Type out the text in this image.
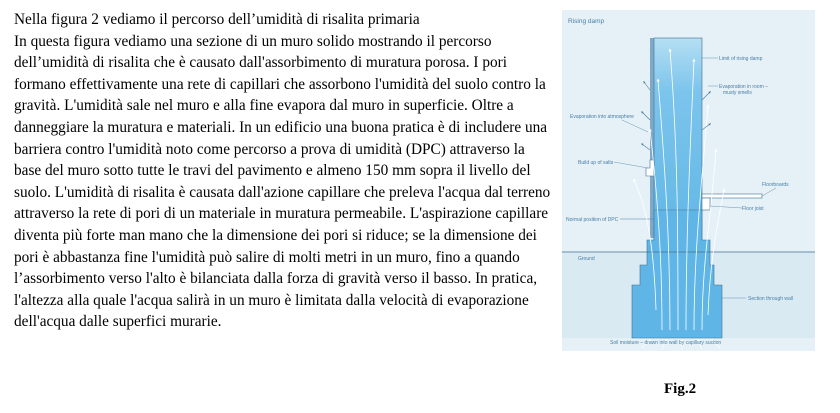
Nella figura 2 vediamo il percorso dell’umidità di risalita primaria

In questa figura vediamo una sezione di un muro solido mostrando il percorso dell’umidità di risalita che è causato dall'assorbimento di muratura porosa. I pori formano effettivamente una rete di capillari che assorbono l'umidità del suolo contro la gravità. L'umidità sale nel muro e alla fine evapora dal muro in superficie. Oltre a danneggiare la muratura e materiali. In un edificio una buona pratica è di includere una barriera contro l'umidità noto come percorso a prova di umidità (DPC) attraverso la base del muro sotto tutte le travi del pavimento e almeno 150 mm sopra il livello del suolo. L'umidità di risalita è causata dall'azione capillare che preleva l'acqua dal terreno attraverso la rete di pori di un materiale in muratura permeabile. L'aspirazione capillare diventa più forte man mano che la dimensione dei pori si riduce; se la dimensione dei pori è abbastanza fine l'umidità può salire di molti metri in un muro, fino a quando l’assorbimento verso l'alto è bilanciata dalla forza di gravità verso il basso. In pratica, l'altezza alla quale l'acqua salirà in un muro è limitata dalla velocità di evaporazione dell'acqua dalle superfici murarie.

Rising damp
Limit of rising damp
Evaporation in room –
musty smells
Evaporation into atmosphere
Build up of salts
Floorboards
Floor joist
Normal position of DPC
Ground
Section through wall
Soil moisture – drawn into wall by capillary suction
Fig.2
